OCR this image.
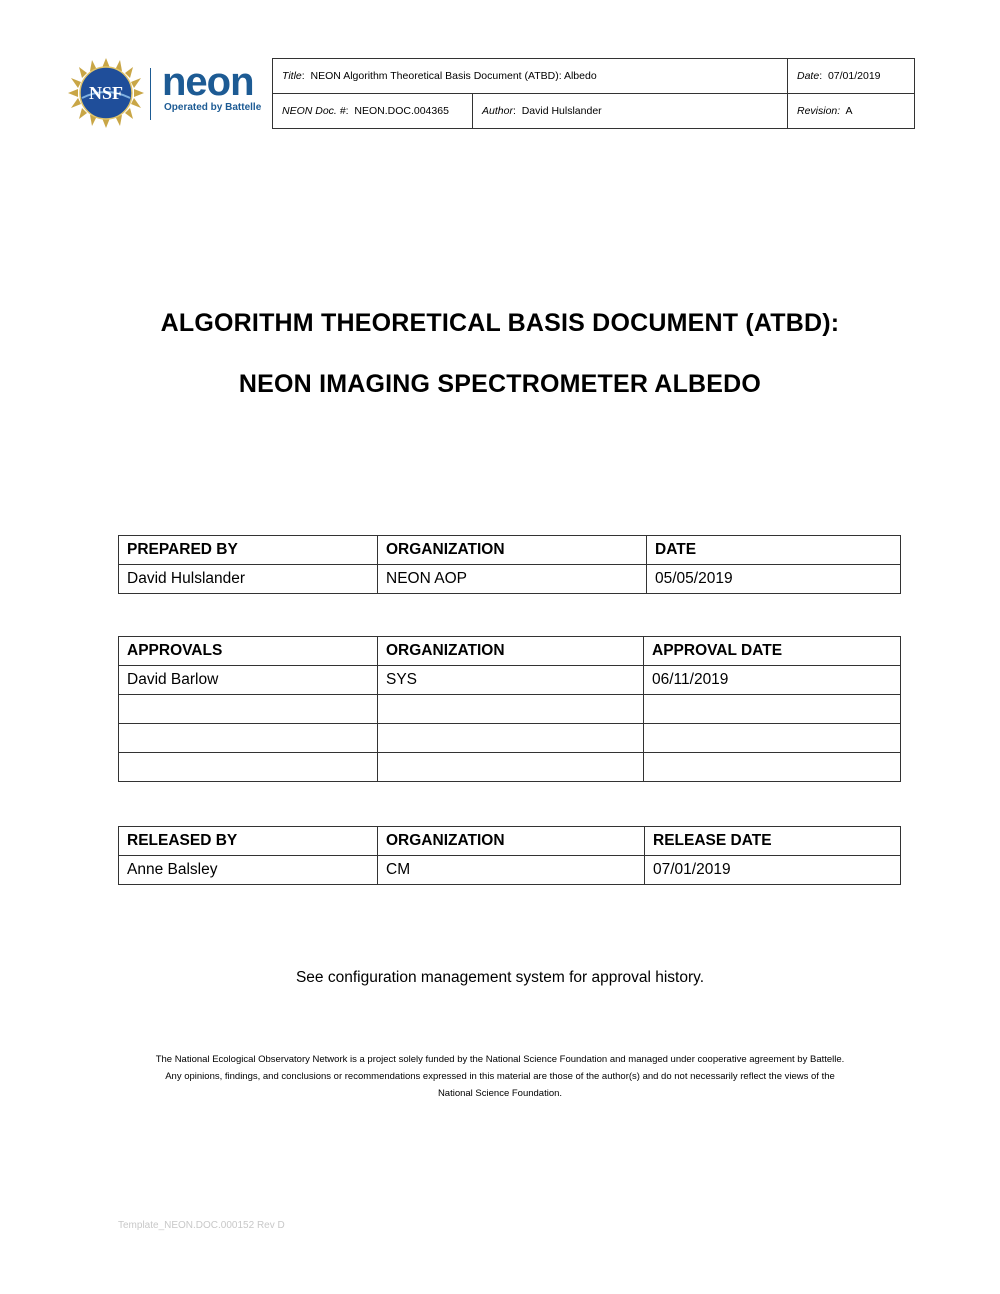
NSF neon
Operated by Battelle
Title:  NEON Algorithm Theoretical Basis Document (ATBD): Albedo		Date:  07/01/2019
NEON Doc. #:  NEON.DOC.004365	Author:  David Hulslander	Revision: A
ALGORITHM THEORETICAL BASIS DOCUMENT (ATBD):
NEON IMAGING SPECTROMETER ALBEDO
PREPARED BY	ORGANIZATION	DATE
David Hulslander	NEON AOP	05/05/2019
APPROVALS	ORGANIZATION	APPROVAL DATE
David Barlow	SYS	06/11/2019

RELEASED BY	ORGANIZATION	RELEASE DATE
Anne Balsley	CM	07/01/2019
See configuration management system for approval history.
The National Ecological Observatory Network is a project solely funded by the National Science Foundation and managed under cooperative agreement by Battelle.
Any opinions, findings, and conclusions or recommendations expressed in this material are those of the author(s) and do not necessarily reflect the views of the
National Science Foundation.
Template_NEON.DOC.000152 Rev D
